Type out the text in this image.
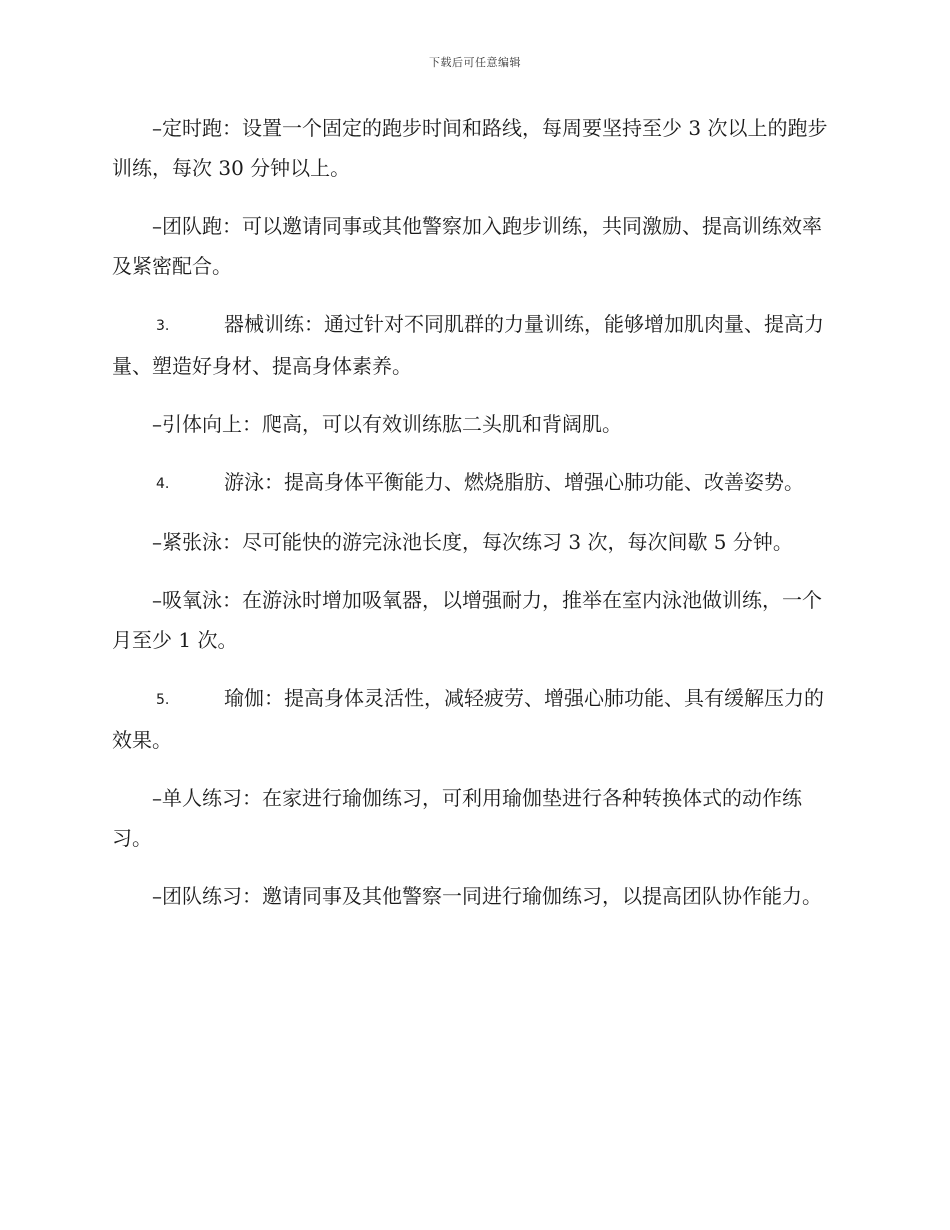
下载后可任意编辑

–定时跑：设置一个固定的跑步时间和路线，每周要坚持至少 3 次以上的跑步训练，每次 30 分钟以上。

–团队跑：可以邀请同事或其他警察加入跑步训练，共同激励、提高训练效率及紧密配合。

3.	器械训练：通过针对不同肌群的力量训练，能够增加肌肉量、提高力量、塑造好身材、提高身体素养。

–引体向上：爬高，可以有效训练肱二头肌和背阔肌。

4.	游泳：提高身体平衡能力、燃烧脂肪、增强心肺功能、改善姿势。

–紧张泳：尽可能快的游完泳池长度，每次练习 3 次，每次间歇 5 分钟。

–吸氧泳：在游泳时增加吸氧器，以增强耐力，推举在室内泳池做训练，一个月至少 1 次。

5.	瑜伽：提高身体灵活性，减轻疲劳、增强心肺功能、具有缓解压力的效果。

–单人练习：在家进行瑜伽练习，可利用瑜伽垫进行各种转换体式的动作练习。

–团队练习：邀请同事及其他警察一同进行瑜伽练习，以提高团队协作能力。
